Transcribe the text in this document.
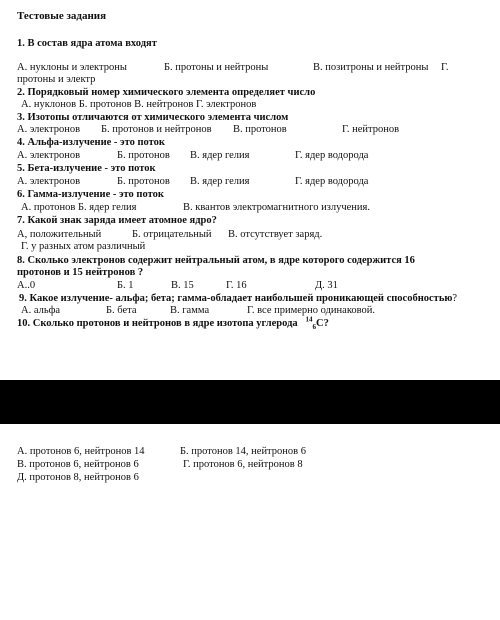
Тестовые задания
1. В состав ядра атома входят
А. нуклоны и электроны	Б. протоны и нейтроны	В. позитроны и нейтроны Г.
протоны и электр
2. Порядковый номер химического элемента определяет число
А. нуклонов Б. протонов В. нейтронов Г. электронов
3. Изотопы отличаются от химического элемента числом
А. электронов Б. протонов и нейтронов В. протонов	Г. нейтронов
4. Альфа-излучение - это поток
А. электронов	Б. протонов В. ядер гелия	Г. ядер водорода
5. Бета-излучение - это поток
А. электронов	Б. протонов В. ядер гелия	Г. ядер водорода
6. Гамма-излучение - это поток
А. протонов Б. ядер гелия	В. квантов электромагнитного излучения.
7. Какой знак заряда имеет атомное ядро?
А, положительный	Б. отрицательный В. отсутствует заряд.
Г. у разных атом различный
8. Сколько электронов содержит нейтральный атом, в ядре которого содержится 16
протонов и 15 нейтронов ?
А..0	Б. 1	В. 15	Г. 16	Д. 31
9. Какое излучение- альфа; бета; гамма-обладает наибольшей проникающей способностью?
А. альфа	Б. бета	В. гамма	Г. все примерно одинаковой.
10. Сколько протонов и нейтронов в ядре изотопа углерода $^{14}_6$С?
А. протонов 6, нейтронов 14	Б. протонов 14, нейтронов 6
В. протонов 6, нейтронов 6	Г. протонов 6, нейтронов 8
Д. протонов 8, нейтронов 6
